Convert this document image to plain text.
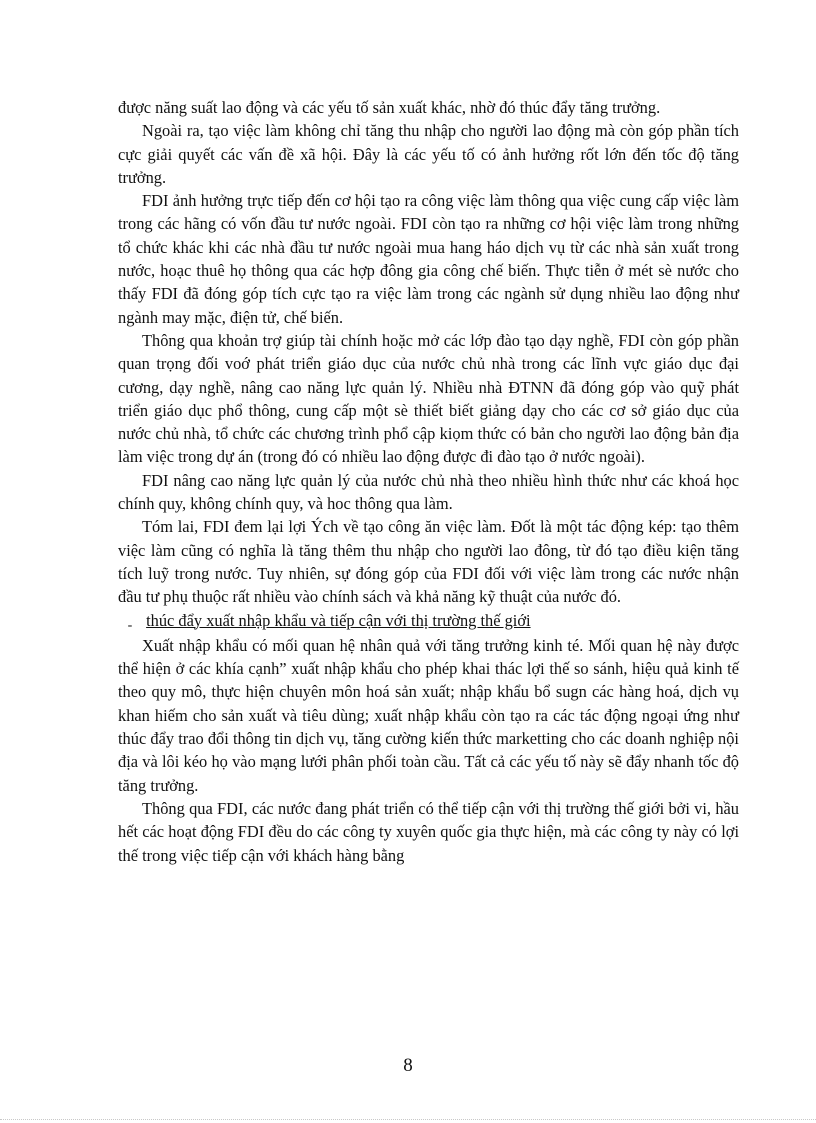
được năng suất lao động và các yếu tố sản xuất khác, nhờ đó thúc đẩy tăng trưởng.

Ngoài ra, tạo việc làm không chỉ tăng thu nhập cho người lao động mà còn góp phần tích cực giải quyết các vấn đề xã hội. Đây là các yếu tố có ảnh hưởng rốt lớn đến tốc độ tăng trưởng.

FDI ảnh hưởng trực tiếp đến cơ hội tạo ra công việc làm thông qua việc cung cấp việc làm trong các hãng có vốn đầu tư nước ngoài. FDI còn tạo ra những cơ hội việc làm trong những tổ chức khác khi các nhà đầu tư nước ngoài mua hang háo dịch vụ từ các nhà sản xuất trong nước, hoạc thuê họ thông qua các hợp đông gia công chế biến. Thực tiễn ở mét sè nước cho thấy FDI đã đóng góp tích cực tạo ra việc làm trong các ngành sử dụng nhiều lao động như ngành may mặc, điện tử, chế biến.

Thông qua khoản trợ giúp tài chính hoặc mở các lớp đào tạo dạy nghề, FDI còn góp phần quan trọng đối voớ phát triển giáo dục của nước chủ nhà trong các lĩnh vực giáo dục đại cương, dạy nghề, nâng cao năng lực quản lý. Nhiều nhà ĐTNN đã đóng góp vào quỹ phát triển giáo dục phổ thông, cung cấp một sè thiết biết giảng dạy cho các cơ sở giáo dục của nước chủ nhà, tổ chức các chương trình phổ cập kiọm thức có bản cho người lao động bản địa làm việc trong dự án (trong đó có nhiều lao động được đi đào tạo ở nước ngoài).

FDI nâng cao năng lực quản lý của nước chủ nhà theo nhiều hình thức như các khoá học chính quy, không chính quy, và hoc thông qua làm.

Tóm lai, FDI đem lại lợi Ých về tạo công ăn việc làm. Đốt là một tác động kép: tạo thêm việc làm cũng có nghĩa là tăng thêm thu nhập cho người lao đông, từ đó tạo điều kiện tăng tích luỹ trong nước. Tuy nhiên, sự đóng góp của FDI đối với việc làm trong các nước nhận đầu tư phụ thuộc rất nhiều vào chính sách và khả năng kỹ thuật của nước đó.

- thúc đẩy xuất nhập khẩu và tiếp cận với thị trường thế giới

Xuất nhập khẩu có mối quan hệ nhân quả với tăng trưởng kinh té. Mối quan hệ này được thể hiện ở các khía cạnh” xuất nhập khẩu cho phép khai thác lợi thế so sánh, hiệu quả kinh tế theo quy mô, thực hiện chuyên môn hoá sản xuất; nhập khẩu bổ sugn các hàng hoá, dịch vụ khan hiếm cho sản xuất và tiêu dùng; xuất nhập khẩu còn tạo ra các tác động ngoại ứng như thúc đẩy trao đổi thông tin dịch vụ, tăng cường kiến thức marketting cho các doanh nghiệp nội địa và lôi kéo họ vào mạng lưới phân phối toàn cầu. Tất cả các yếu tố này sẽ đẩy nhanh tốc độ tăng trưởng.

Thông qua FDI, các nước đang phát triển có thể tiếp cận với thị trường thế giới bởi vi, hầu hết các hoạt động FDI đều do các công ty xuyên quốc gia thực hiện, mà các công ty này có lợi thế trong việc tiếp cận với khách hàng bằng

8
